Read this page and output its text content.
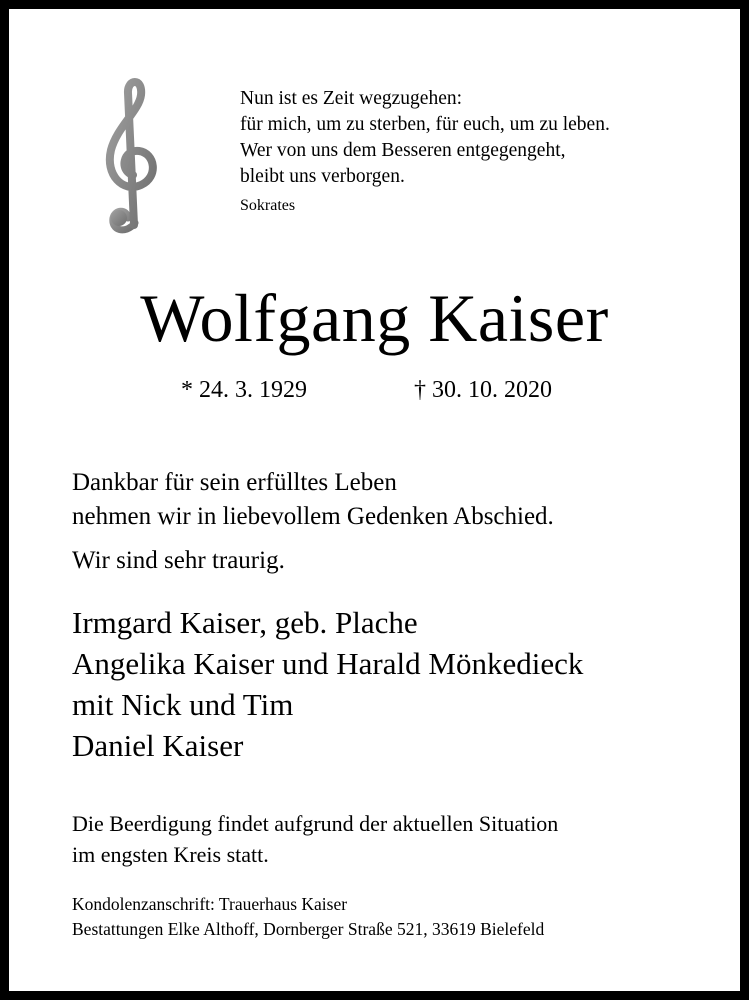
Nun ist es Zeit wegzugehen:
für mich, um zu sterben, für euch, um zu leben.
Wer von uns dem Besseren entgegengeht,
bleibt uns verborgen.
Sokrates
Wolfgang Kaiser
* 24. 3. 1929	† 30. 10. 2020
Dankbar für sein erfülltes Leben
nehmen wir in liebevollem Gedenken Abschied.
Wir sind sehr traurig.
Irmgard Kaiser, geb. Plache
Angelika Kaiser und Harald Mönkedieck
mit Nick und Tim
Daniel Kaiser
Die Beerdigung findet aufgrund der aktuellen Situation
im engsten Kreis statt.
Kondolenzanschrift: Trauerhaus Kaiser
Bestattungen Elke Althoff, Dornberger Straße 521, 33619 Bielefeld
